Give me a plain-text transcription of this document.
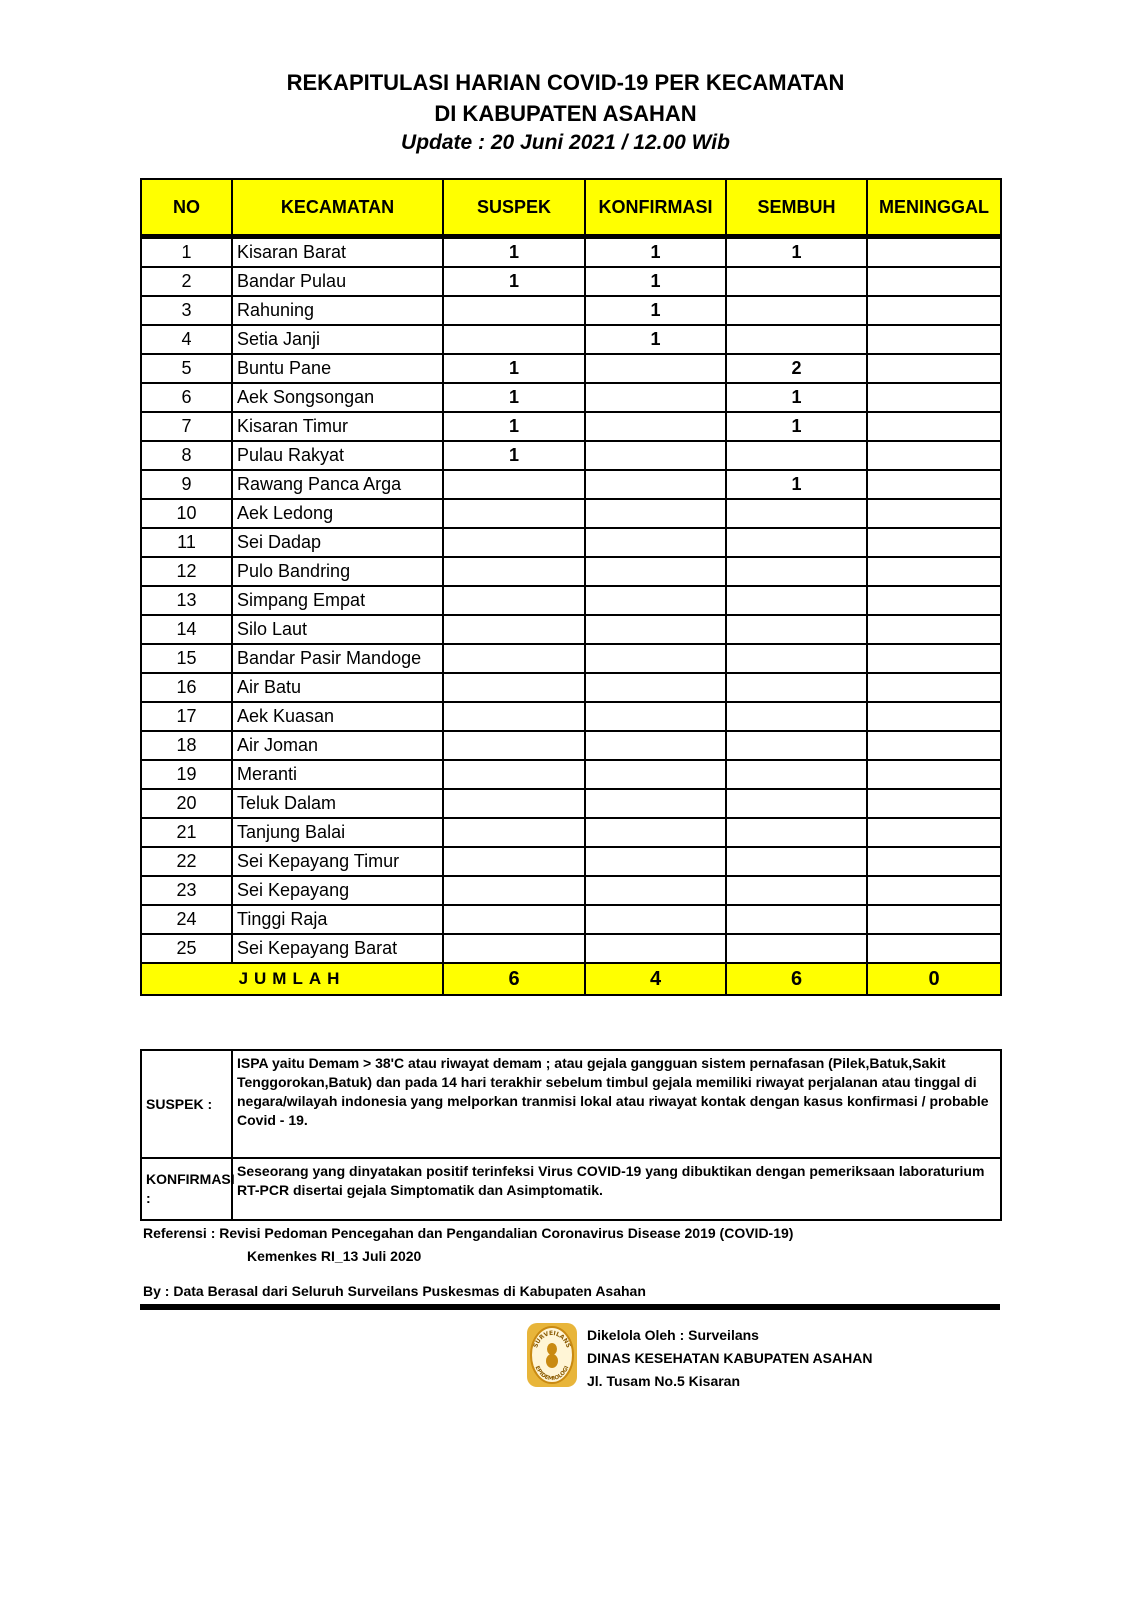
REKAPITULASI HARIAN COVID-19 PER KECAMATAN
DI KABUPATEN ASAHAN
Update : 20 Juni 2021 / 12.00 Wib
NO	KECAMATAN	SUSPEK	KONFIRMASI	SEMBUH	MENINGGAL
1	Kisaran Barat	1	1	1	
2	Bandar Pulau	1	1		
3	Rahuning		1		
4	Setia Janji		1		
5	Buntu Pane	1		2	
6	Aek Songsongan	1		1	
7	Kisaran Timur	1		1	
8	Pulau Rakyat	1			
9	Rawang Panca Arga			1	
10	Aek Ledong				
11	Sei Dadap				
12	Pulo Bandring				
13	Simpang Empat				
14	Silo Laut				
15	Bandar Pasir Mandoge				
16	Air Batu				
17	Aek Kuasan				
18	Air Joman				
19	Meranti				
20	Teluk Dalam				
21	Tanjung Balai				
22	Sei Kepayang Timur				
23	Sei Kepayang				
24	Tinggi Raja				
25	Sei Kepayang Barat				
JUMLAH		6	4	6	0
SUSPEK :	ISPA yaitu Demam > 38'C atau riwayat demam ; atau gejala gangguan sistem pernafasan (Pilek,Batuk,Sakit Tenggorokan,Batuk) dan pada 14 hari terakhir sebelum timbul gejala memiliki riwayat perjalanan atau tinggal di negara/wilayah indonesia yang melporkan tranmisi lokal atau riwayat kontak dengan kasus konfirmasi / probable Covid - 19.
KONFIRMASI :	Seseorang yang dinyatakan positif terinfeksi Virus COVID-19 yang dibuktikan dengan pemeriksaan laboraturium RT-PCR disertai gejala Simptomatik dan Asimptomatik.
Referensi : Revisi Pedoman Pencegahan dan Pengandalian Coronavirus Disease 2019 (COVID-19)
Kemenkes RI_13 Juli 2020
By : Data Berasal dari Seluruh Surveilans Puskesmas di Kabupaten Asahan
SURVEILANS
EPIDEMIOLOGI
Dikelola Oleh : Surveilans
DINAS KESEHATAN KABUPATEN ASAHAN
Jl. Tusam No.5 Kisaran
